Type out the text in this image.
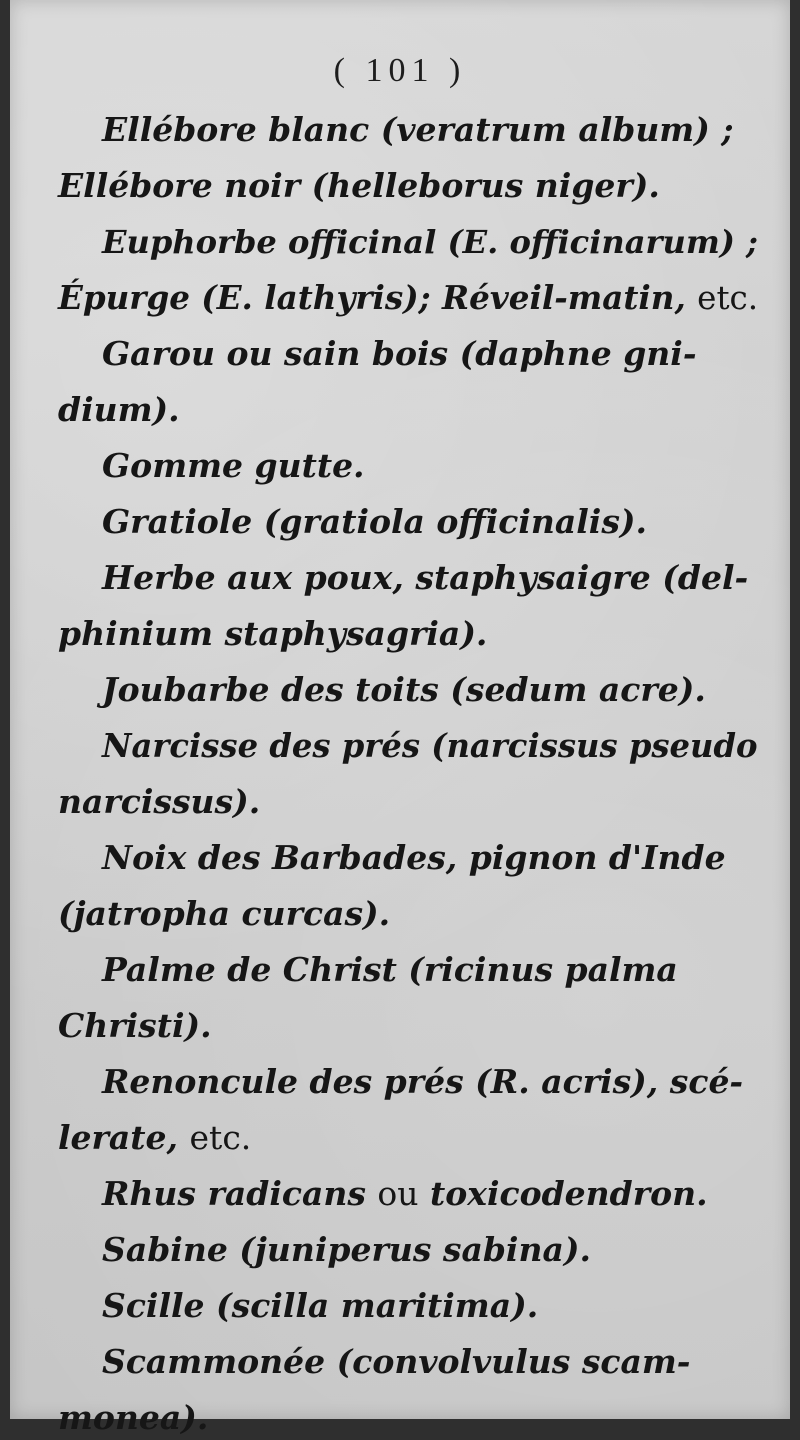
( 101 )
Ellébore blanc (veratrum album) ;
Ellébore noir (helleborus niger).
Euphorbe officinal (E. officinarum) ;
Épurge (E. lathyris); Réveil-matin, etc.
Garou ou sain bois (daphne gni-
dium).
Gomme gutte.
Gratiole (gratiola officinalis).
Herbe aux poux, staphysaigre (del-
phinium staphysagria).
Joubarbe des toits (sedum acre).
Narcisse des prés (narcissus pseudo
narcissus).
Noix des Barbades, pignon d'Inde
(jatropha curcas).
Palme de Christ (ricinus palma
Christi).
Renoncule des prés (R. acris), scé-
lerate, etc.
Rhus radicans ou toxicodendron.
Sabine (juniperus sabina).
Scille (scilla maritima).
Scammonée (convolvulus scam-
monea).
